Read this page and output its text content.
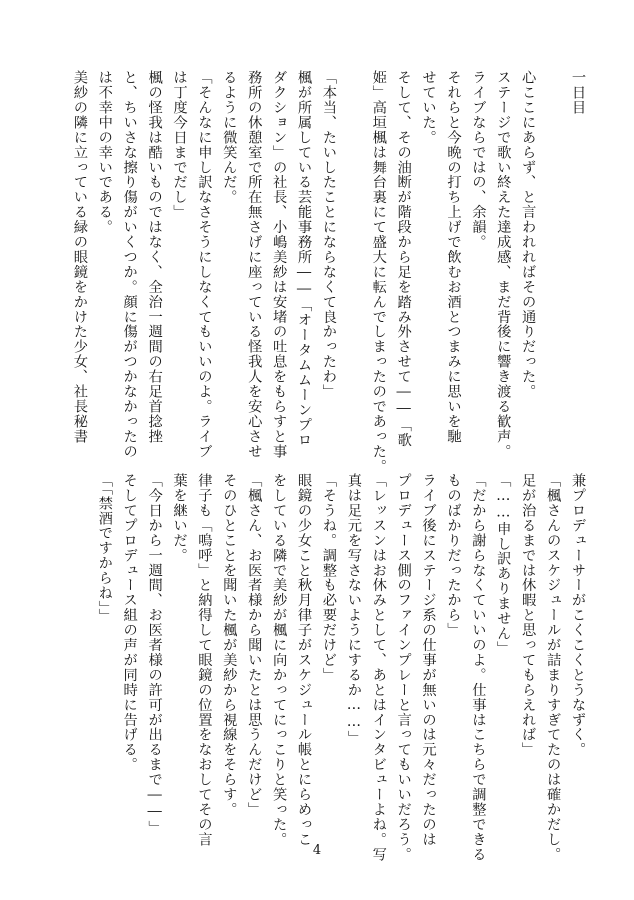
一日目

心ここにあらず、と言われればその通りだった。
ステージで歌い終えた達成感、まだ背後に響き渡る歓声。
ライブならではの、余韻。
それらと今晩の打ち上げで飲むお酒とつまみに思いを馳
せていた。
そして、その油断が階段から足を踏み外させて――「歌
姫」高垣楓は舞台裏にて盛大に転んでしまったのであった。

「本当、たいしたことにならなくて良かったわ」
楓が所属している芸能事務所――「オータムムーンプロ
ダクション」の社長、小嶋美紗は安堵の吐息をもらすと事
務所の休憩室で所在無さげに座っている怪我人を安心させ
るように微笑んだ。
「そんなに申し訳なさそうにしなくてもいいのよ。ライブ
は丁度今日までだし」
楓の怪我は酷いものではなく、全治一週間の右足首捻挫
と、ちいさな擦り傷がいくつか。顔に傷がつかなかったの
は不幸中の幸いである。
美紗の隣に立っている緑の眼鏡をかけた少女、社長秘書
兼プロデューサーがこくこくとうなずく。
「楓さんのスケジュールが詰まりすぎてたのは確かだし。
足が治るまでは休暇と思ってもらえれば」
「……申し訳ありません」
「だから謝らなくていいのよ。仕事はこちらで調整できる
ものばかりだったから」
ライブ後にステージ系の仕事が無いのは元々だったのは
プロデュース側のファインプレーと言ってもいいだろう。
「レッスンはお休みとして、あとはインタビューよね。写
真は足元を写さないようにするか……」
「そうね。調整も必要だけど」
眼鏡の少女こと秋月律子がスケジュール帳とにらめっこ
をしている隣で美紗が楓に向かってにっこりと笑った。
「楓さん、お医者様から聞いたとは思うんだけど」
そのひとことを聞いた楓が美紗から視線をそらす。
律子も「嗚呼」と納得して眼鏡の位置をなおしてその言
葉を継いだ。
「今日から一週間、お医者様の許可が出るまで――」
そしてプロデュース組の声が同時に告げる。
「「禁酒ですからね」」
4
